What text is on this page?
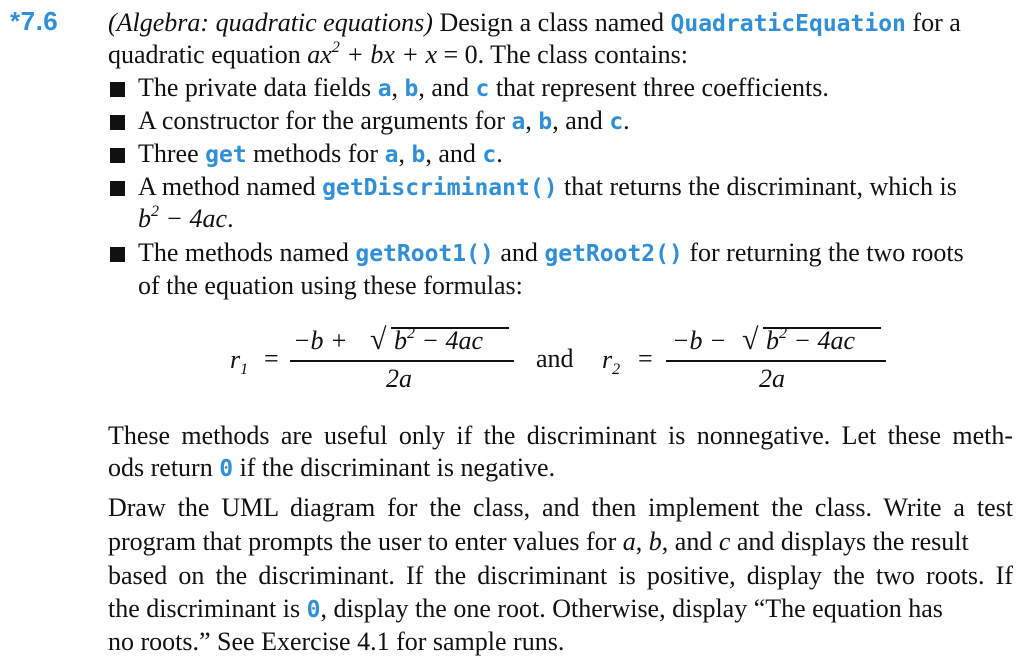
*7.6 (Algebra: quadratic equations) Design a class named QuadraticEquation for a
quadratic equation $ax^2$ + bx + x = 0. The class contains:
The private data fields a, b, and c that represent three coefficients.
A constructor for the arguments for a, b, and c.
Three get methods for a, b, and c.
A method named getDiscriminant() that returns the discriminant, which is
$b^2 - 4ac$.
The methods named getRoot1() and getRoot2() for returning the two roots
of the equation using these formulas:
$r_1$ =
−b + √ $b^2 - 4ac$
2a
and $r_2$ =
−b − √ $b^2 - 4ac$
2a
These methods are useful only if the discriminant is nonnegative. Let these meth-
ods return 0 if the discriminant is negative.
Draw the UML diagram for the class, and then implement the class. Write a test
program that prompts the user to enter values for a, b, and c and displays the result
based on the discriminant. If the discriminant is positive, display the two roots. If
the discriminant is 0, display the one root. Otherwise, display “The equation has
no roots.” See Exercise 4.1 for sample runs.
